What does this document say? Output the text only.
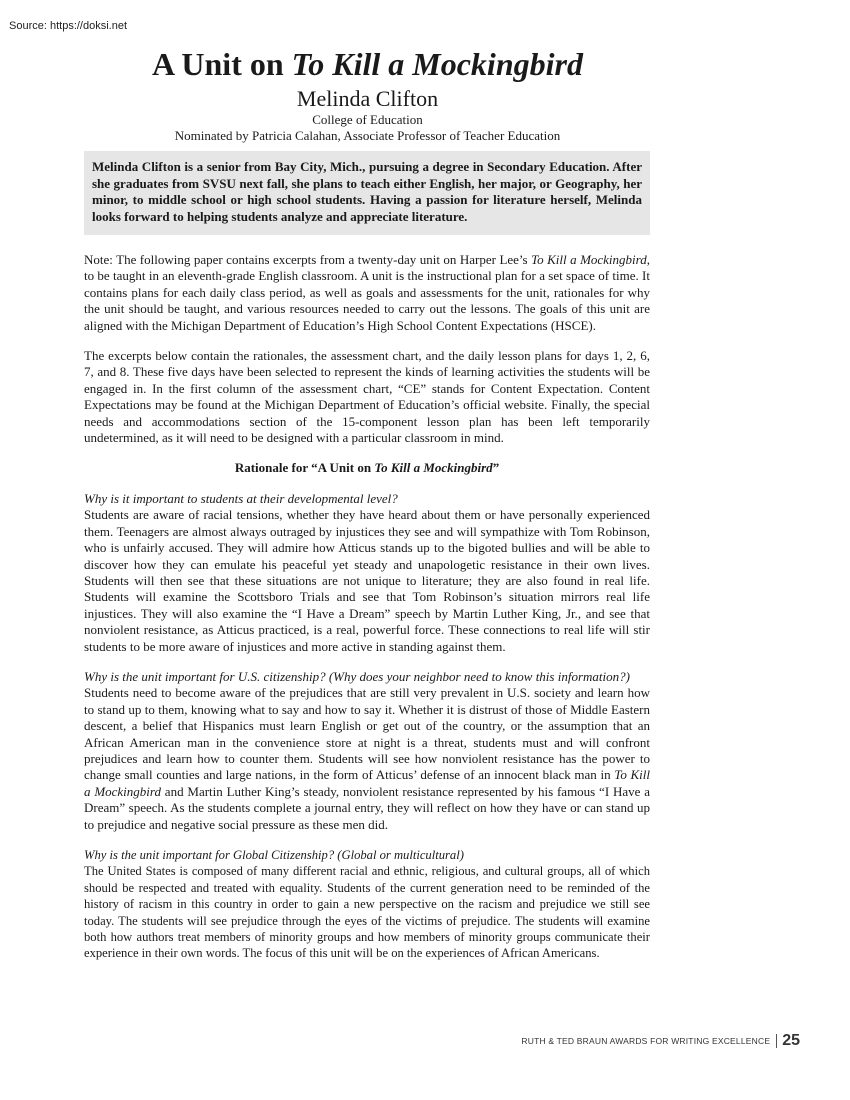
Source: https://doksi.net
A Unit on To Kill a Mockingbird
Melinda Clifton
College of Education
Nominated by Patricia Calahan, Associate Professor of Teacher Education
Melinda Clifton is a senior from Bay City, Mich., pursuing a degree in Secondary Education. After she graduates from SVSU next fall, she plans to teach either English, her major, or Geography, her minor, to middle school or high school students. Having a passion for literature herself, Melinda looks forward to helping students analyze and appreciate literature.

Note: The following paper contains excerpts from a twenty-day unit on Harper Lee’s To Kill a Mockingbird, to be taught in an eleventh-grade English classroom. A unit is the instructional plan for a set space of time. It contains plans for each daily class period, as well as goals and assessments for the unit, rationales for why the unit should be taught, and various resources needed to carry out the lessons. The goals of this unit are aligned with the Michigan Department of Education’s High School Content Expectations (HSCE).

The excerpts below contain the rationales, the assessment chart, and the daily lesson plans for days 1, 2, 6, 7, and 8. These five days have been selected to represent the kinds of learning activities the students will be engaged in. In the first column of the assessment chart, “CE” stands for Content Expectation. Content Expectations may be found at the Michigan Department of Education’s official website. Finally, the special needs and accommodations section of the 15-component lesson plan has been left temporarily undetermined, as it will need to be designed with a particular classroom in mind.

Rationale for “A Unit on To Kill a Mockingbird”
Why is it important to students at their developmental level?
Students are aware of racial tensions, whether they have heard about them or have personally experienced them. Teenagers are almost always outraged by injustices they see and will sympathize with Tom Robinson, who is unfairly accused. They will admire how Atticus stands up to the bigoted bullies and will be able to discover how they can emulate his peaceful yet steady and unapologetic resistance in their own lives. Students will then see that these situations are not unique to literature; they are also found in real life. Students will examine the Scottsboro Trials and see that Tom Robinson’s situation mirrors real life injustices. They will also examine the “I Have a Dream” speech by Martin Luther King, Jr., and see that nonviolent resistance, as Atticus practiced, is a real, powerful force. These connections to real life will stir students to be more aware of injustices and more active in standing against them.
Why is the unit important for U.S. citizenship? (Why does your neighbor need to know this information?)
Students need to become aware of the prejudices that are still very prevalent in U.S. society and learn how to stand up to them, knowing what to say and how to say it. Whether it is distrust of those of Middle Eastern descent, a belief that Hispanics must learn English or get out of the country, or the assumption that an African American man in the convenience store at night is a threat, students must and will confront prejudices and learn how to counter them. Students will see how nonviolent resistance has the power to change small counties and large nations, in the form of Atticus’ defense of an innocent black man in To Kill a Mockingbird and Martin Luther King’s steady, nonviolent resistance represented by his famous “I Have a Dream” speech. As the students complete a journal entry, they will reflect on how they have or can stand up to prejudice and negative social pressure as these men did.
Why is the unit important for Global Citizenship? (Global or multicultural)
The United States is composed of many different racial and ethnic, religious, and cultural groups, all of which should be respected and treated with equality. Students of the current generation need to be reminded of the history of racism in this country in order to gain a new perspective on the racism and prejudice we still see today. The students will see prejudice through the eyes of the victims of prejudice. The students will examine both how authors treat members of minority groups and how members of minority groups communicate their experience in their own words. The focus of this unit will be on the experiences of African Americans.
RUTH & TED BRAUN AWARDS FOR WRITING EXCELLENCE 25
